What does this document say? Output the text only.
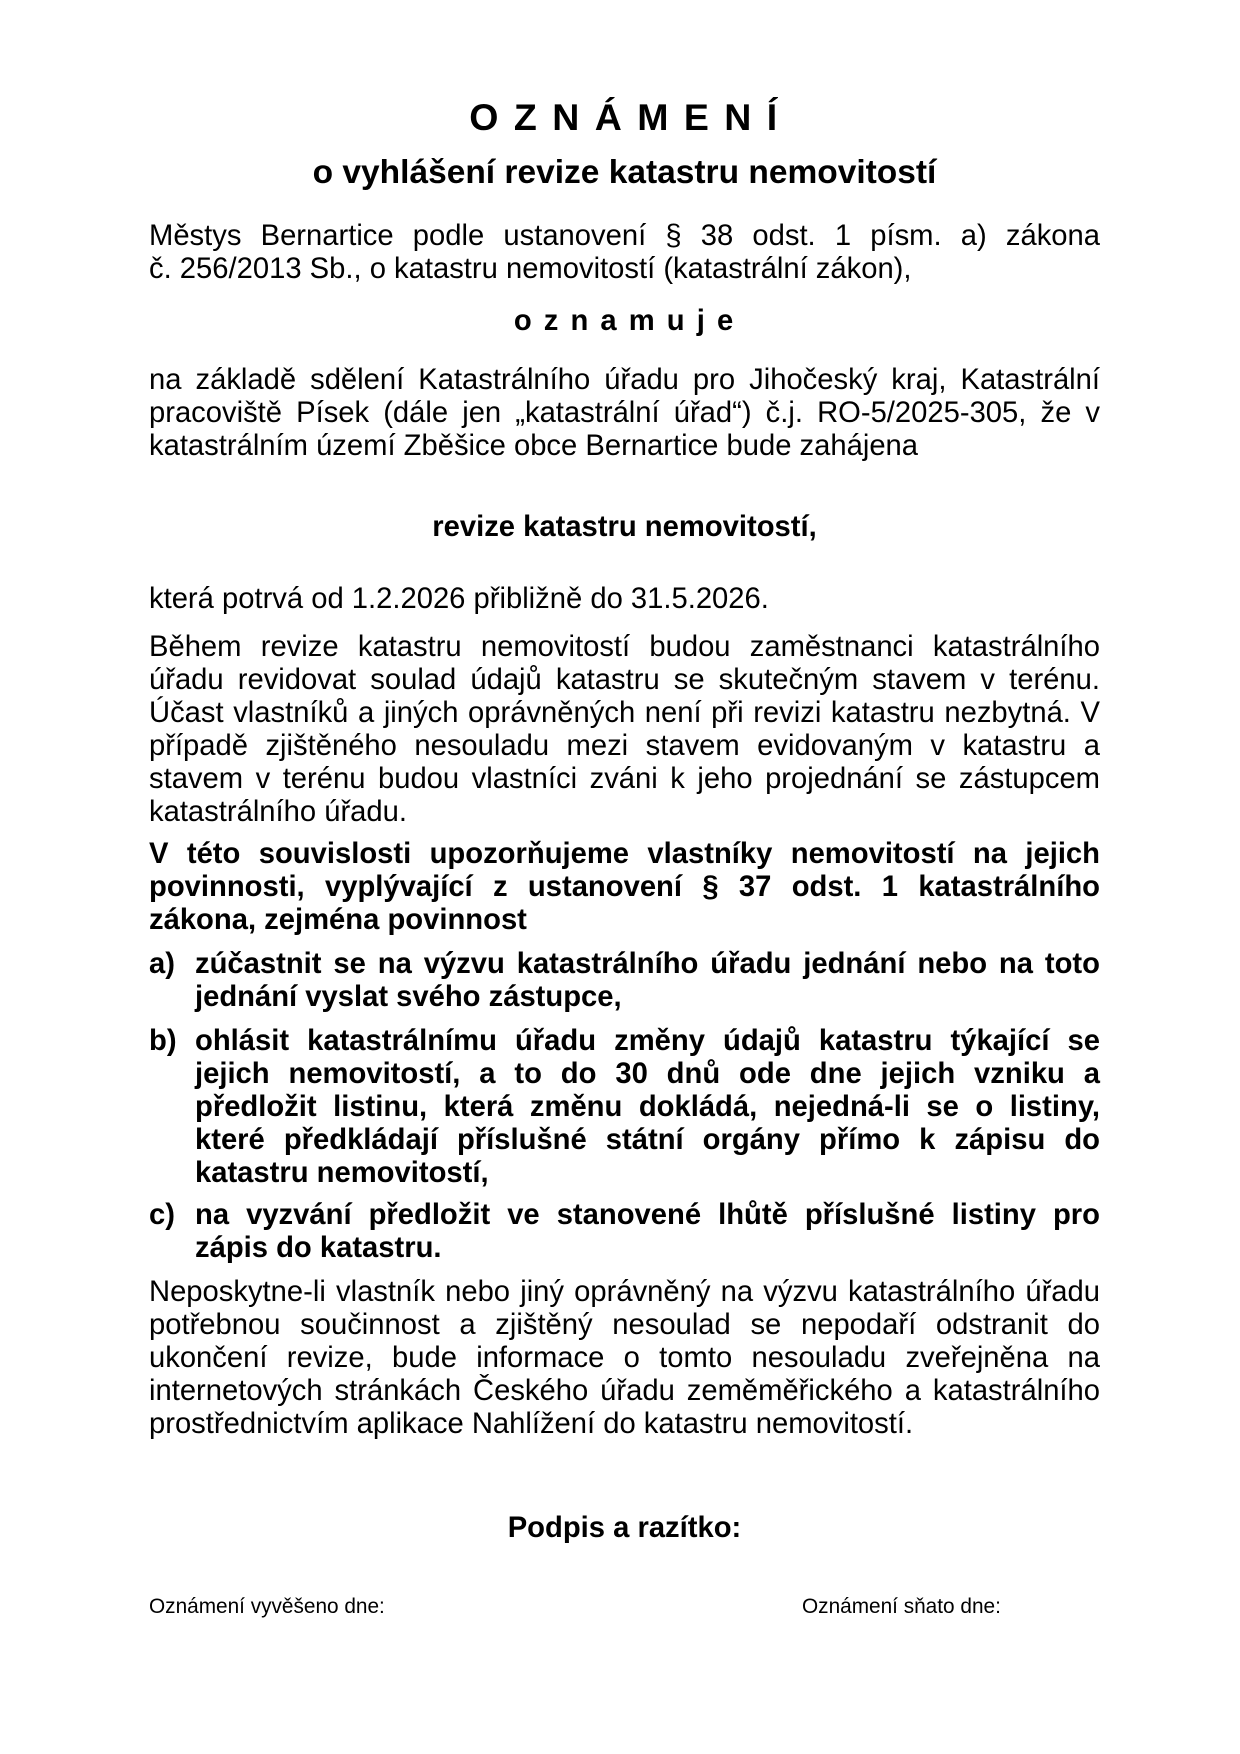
O Z N Á M E N Í
o vyhlášení revize katastru nemovitostí

Městys Bernartice podle ustanovení § 38 odst. 1 písm. a) zákona č. 256/2013 Sb., o katastru nemovitostí (katastrální zákon),

o z n a m u j e

na základě sdělení Katastrálního úřadu pro Jihočeský kraj, Katastrální pracoviště Písek (dále jen „katastrální úřad“) č.j. RO-5/2025-305, že v katastrálním území Zběšice obce Bernartice bude zahájena

revize katastru nemovitostí,

která potrvá od 1.2.2026 přibližně do 31.5.2026.

Během revize katastru nemovitostí budou zaměstnanci katastrálního úřadu revidovat soulad údajů katastru se skutečným stavem v terénu. Účast vlastníků a jiných oprávněných není při revizi katastru nezbytná. V případě zjištěného nesouladu mezi stavem evidovaným v katastru a stavem v terénu budou vlastníci zváni k jeho projednání se zástupcem katastrálního úřadu.

V této souvislosti upozorňujeme vlastníky nemovitostí na jejich povinnosti, vyplývající z ustanovení § 37 odst. 1 katastrálního zákona, zejména povinnost

a) zúčastnit se na výzvu katastrálního úřadu jednání nebo na toto jednání vyslat svého zástupce,
b) ohlásit katastrálnímu úřadu změny údajů katastru týkající se jejich nemovitostí, a to do 30 dnů ode dne jejich vzniku a předložit listinu, která změnu dokládá, nejedná-li se o listiny, které předkládají příslušné státní orgány přímo k zápisu do katastru nemovitostí,
c) na vyzvání předložit ve stanovené lhůtě příslušné listiny pro zápis do katastru.

Neposkytne-li vlastník nebo jiný oprávněný na výzvu katastrálního úřadu potřebnou součinnost a zjištěný nesoulad se nepodaří odstranit do ukončení revize, bude informace o tomto nesouladu zveřejněna na internetových stránkách Českého úřadu zeměměřického a katastrálního prostřednictvím aplikace Nahlížení do katastru nemovitostí.

Podpis a razítko:
Oznámení vyvěšeno dne:	Oznámení sňato dne:
